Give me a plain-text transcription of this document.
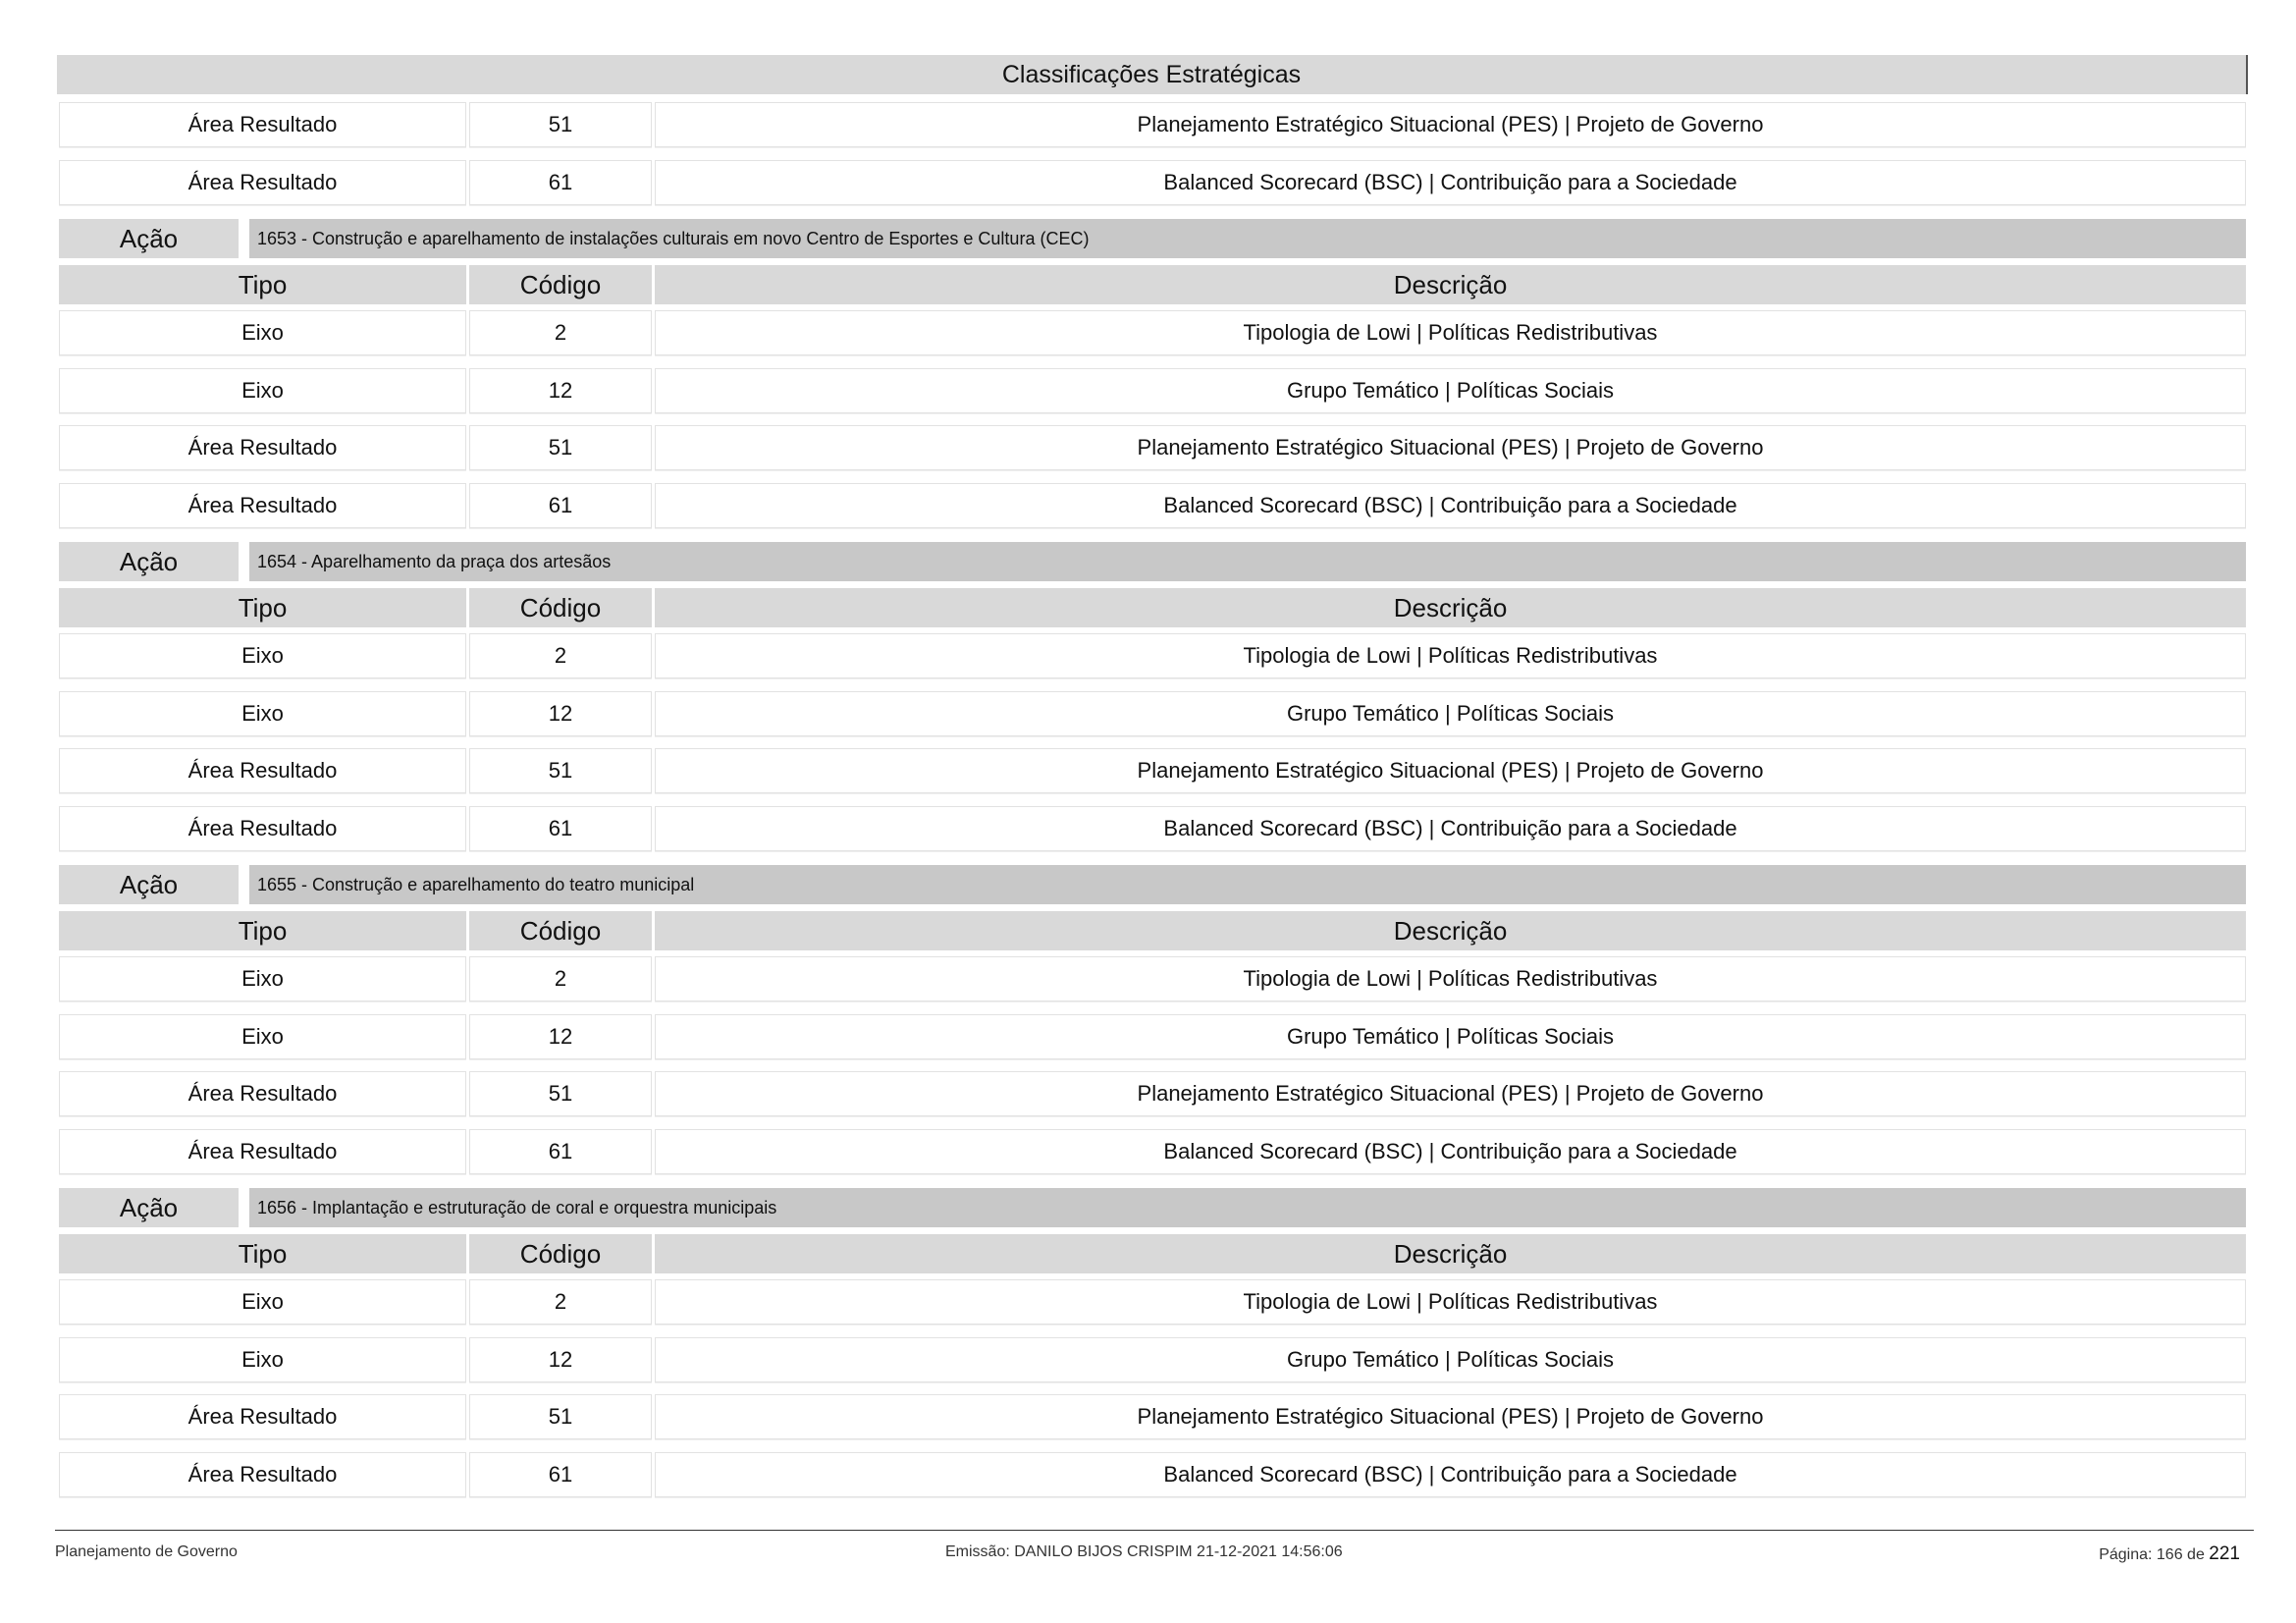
Classificações Estratégicas
Área Resultado	51	Planejamento Estratégico Situacional (PES) | Projeto de Governo
Área Resultado	61	Balanced Scorecard (BSC) | Contribuição para a Sociedade
Ação	1653 - Construção e aparelhamento de instalações culturais em novo Centro de Esportes e Cultura (CEC)
Tipo	Código	Descrição
Eixo	2	Tipologia de Lowi | Políticas Redistributivas
Eixo	12	Grupo Temático | Políticas Sociais
Área Resultado	51	Planejamento Estratégico Situacional (PES) | Projeto de Governo
Área Resultado	61	Balanced Scorecard (BSC) | Contribuição para a Sociedade
Ação	1654 - Aparelhamento da praça dos artesãos
Tipo	Código	Descrição
Eixo	2	Tipologia de Lowi | Políticas Redistributivas
Eixo	12	Grupo Temático | Políticas Sociais
Área Resultado	51	Planejamento Estratégico Situacional (PES) | Projeto de Governo
Área Resultado	61	Balanced Scorecard (BSC) | Contribuição para a Sociedade
Ação	1655 - Construção e aparelhamento do teatro municipal
Tipo	Código	Descrição
Eixo	2	Tipologia de Lowi | Políticas Redistributivas
Eixo	12	Grupo Temático | Políticas Sociais
Área Resultado	51	Planejamento Estratégico Situacional (PES) | Projeto de Governo
Área Resultado	61	Balanced Scorecard (BSC) | Contribuição para a Sociedade
Ação	1656 - Implantação e estruturação de coral e orquestra municipais
Tipo	Código	Descrição
Eixo	2	Tipologia de Lowi | Políticas Redistributivas
Eixo	12	Grupo Temático | Políticas Sociais
Área Resultado	51	Planejamento Estratégico Situacional (PES) | Projeto de Governo
Área Resultado	61	Balanced Scorecard (BSC) | Contribuição para a Sociedade
Planejamento de Governo	Emissão: DANILO BIJOS CRISPIM 21-12-2021 14:56:06	Página: 166 de 221
